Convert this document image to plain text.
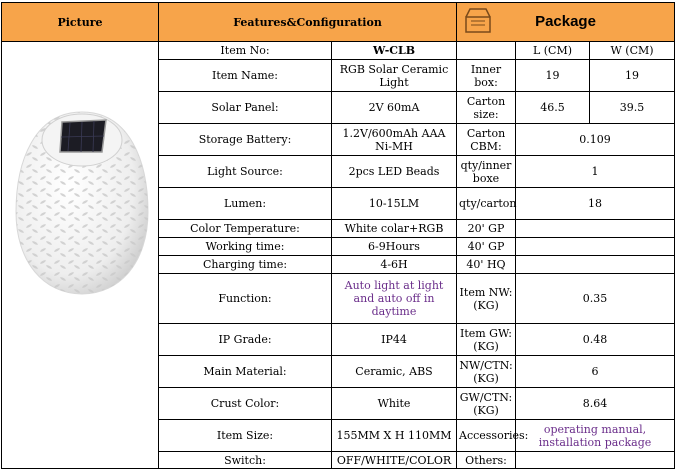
Picture	Features&Configuration		Package		

	Item No:	W-CLB		L (CM)	W (CM)
	Item Name:	RGB Solar Ceramic Light	Inner box:	19	19
	Solar Panel:	2V 60mA	Carton size:	46.5	39.5
	Storage Battery:	1.2V/600mAh AAA Ni-MH	Carton CBM:	0.109	
	Light Source:	2pcs LED Beads	qty/inner boxe	1	
	Lumen:	10-15LM	qty/carton	18	
	Color Temperature:	White colar+RGB	20' GP		
	Working time:	6-9Hours	40' GP		
	Charging time:	4-6H	40' HQ		
	Function:	Auto light at light and auto off in daytime	Item NW: (KG)	0.35	
	IP Grade:	IP44	Item GW: (KG)	0.48	
	Main Material:	Ceramic, ABS	NW/CTN: (KG)	6	
	Crust Color:	White	GW/CTN: (KG)	8.64	
	Item Size:	155MM X H 110MM	Accessories:	operating manual, installation package	
	Switch:	OFF/WHITE/COLOR	Others:		
